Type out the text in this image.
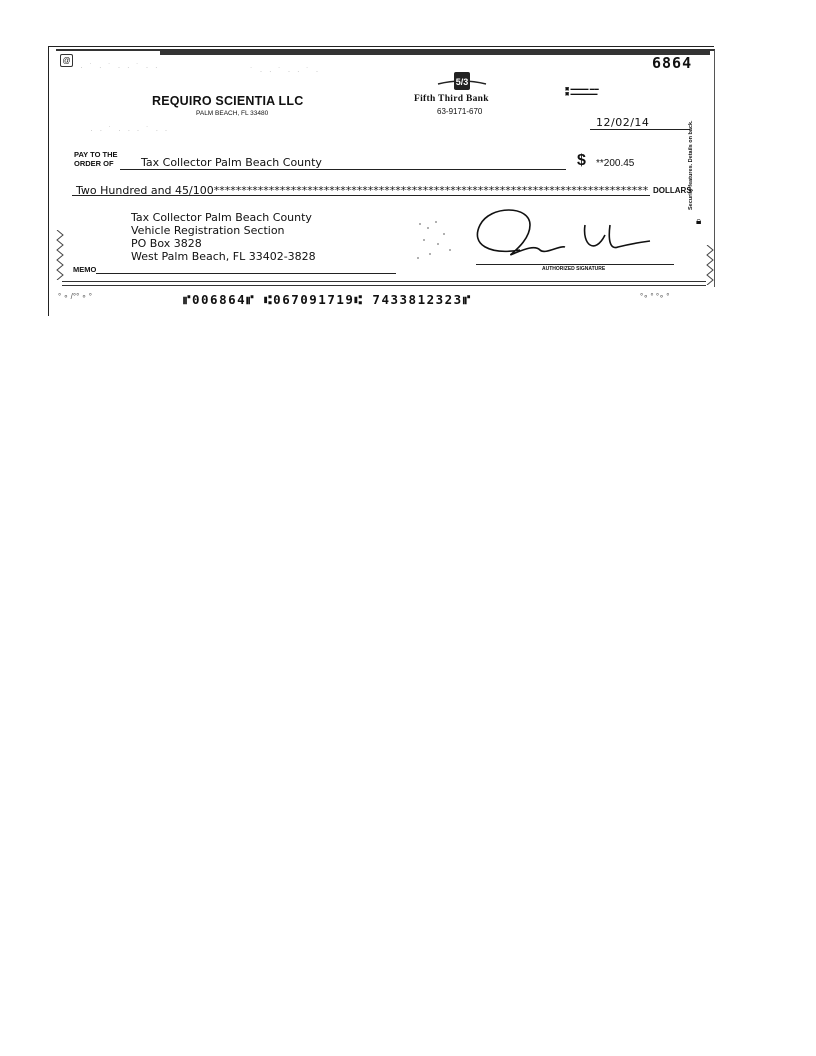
@
· ˙ ∙ ˙ · ∙ ˙ · ∙	˙ · ∙ ˙ · ∙ ˙ ·
· ∙ ˙ · ∙ · ˙ ∙ ·
6864
REQUIRO SCIENTIA LLC
PALM BEACH, FL 33480
5/3
Fifth Third Bank
63-9171-670
▣ ▬▬▬▬ ▬▬
▣ ▬▬▬▬▬▬
12/02/14
PAY TO THE
ORDER OF	Tax Collector Palm Beach County	$ **200.45
Two Hundred and 45/100******************************************************************************* DOLLARS
Security features. Details on back.
🔒︎
Tax Collector Palm Beach County
Vehicle Registration Section
PO Box 3828
West Palm Beach, FL 33402-3828
MEMO	AUTHORIZED SIGNATURE
° ∘ /°° ∘ °	°∘ ° °∘ °
⑈006864⑈ ⑆067091719⑆ 7433812323⑈
